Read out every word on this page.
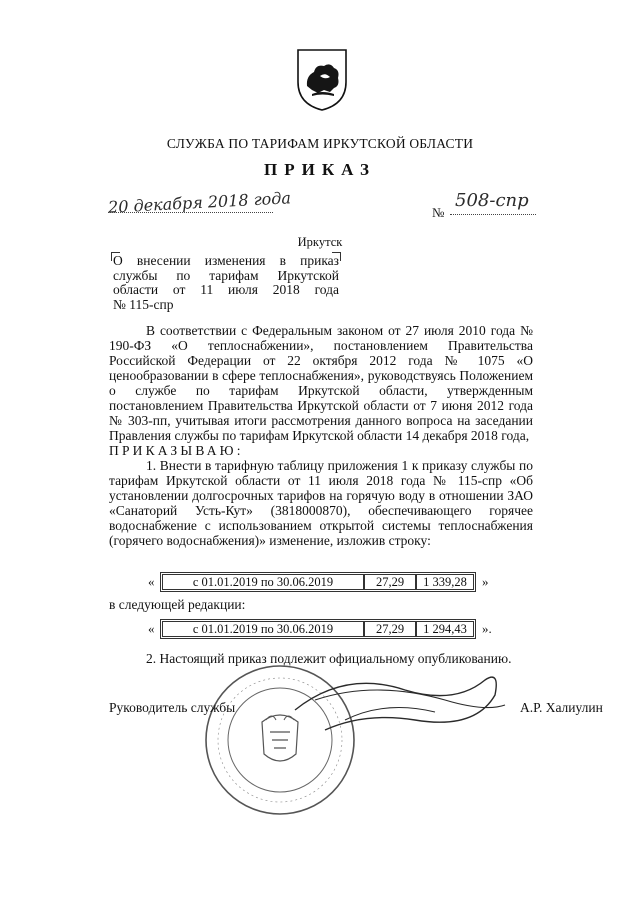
СЛУЖБА ПО ТАРИФАМ ИРКУТСКОЙ ОБЛАСТИ
ПРИКАЗ
20 декабря 2018 года	№
508-спр
Иркутск
О внесении изменения в приказ
службы по тарифам Иркутской
области от 11 июля 2018 года
№ 115-спр

В соответствии с Федеральным законом от 27 июля 2010 года № 190-ФЗ «О теплоснабжении», постановлением Правительства Российской Федерации от 22 октября 2012 года № 1075 «О ценообразовании в сфере теплоснабжения», руководствуясь Положением о службе по тарифам Иркутской области, утвержденным постановлением Правительства Иркутской области от 7 июня 2012 года № 303-пп, учитывая итоги рассмотрения данного вопроса на заседании Правления службы по тарифам Иркутской области 14 декабря 2018 года,

ПРИКАЗЫВАЮ:

1. Внести в тарифную таблицу приложения 1 к приказу службы по тарифам Иркутской области от 11 июля 2018 года № 115-спр «Об установлении долгосрочных тарифов на горячую воду в отношении ЗАО «Санаторий Усть-Кут» (3818000870), обеспечивающего горячее водоснабжение с использованием открытой системы теплоснабжения (горячего водоснабжения)» изменение, изложив строку:

«	с 01.01.2019 по 30.06.2019	27,29	1 339,28	»
в следующей редакции:
«	с 01.01.2019 по 30.06.2019	27,29	1 294,43	».
2. Настоящий приказ подлежит официальному опубликованию.
Руководитель службы	А.Р. Халиулин
